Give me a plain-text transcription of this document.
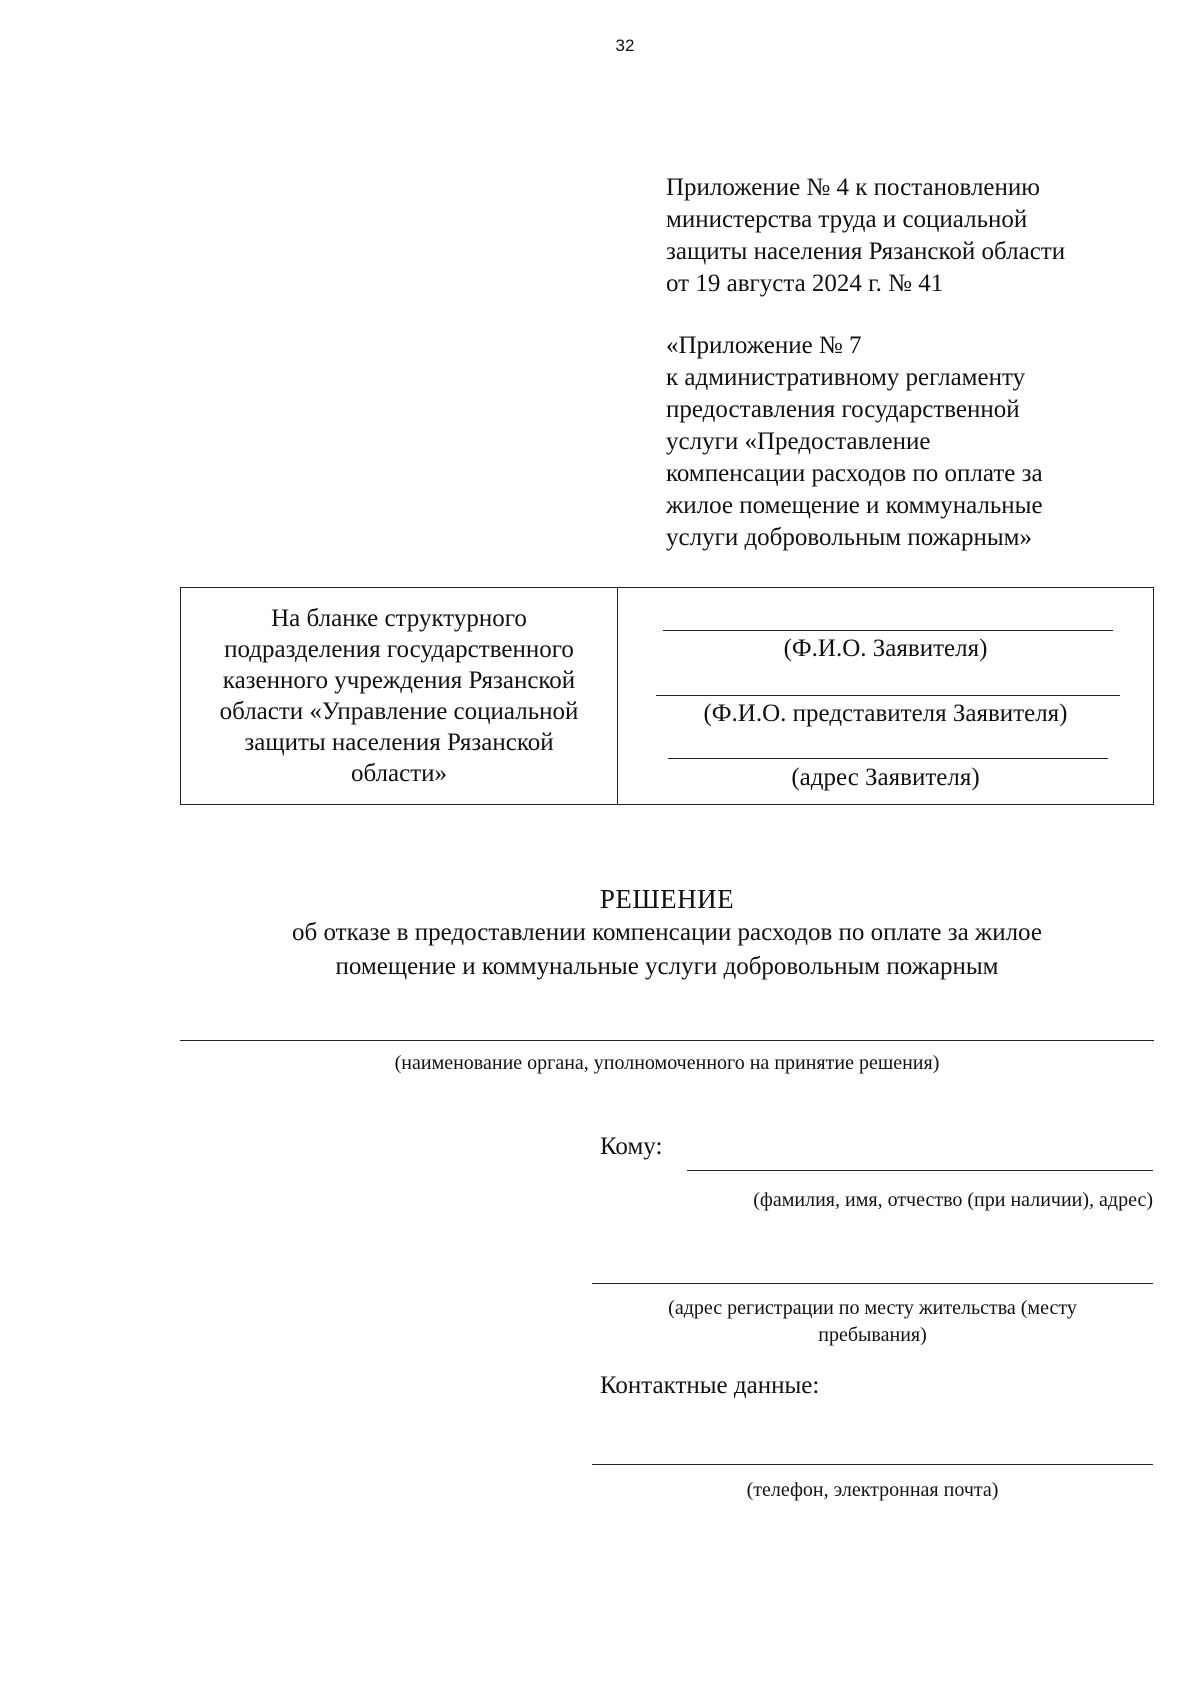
32

Приложение № 4 к постановлению
министерства труда и социальной
защиты населения Рязанской области
от 19 августа 2024 г. № 41

«Приложение № 7
к административному регламенту
предоставления государственной
услуги «Предоставление
компенсации расходов по оплате за
жилое помещение и коммунальные
услуги добровольным пожарным»

На бланке структурного
подразделения государственного
казенного учреждения Рязанской
области «Управление социальной
защиты населения Рязанской
области»
(Ф.И.О. Заявителя)
(Ф.И.О. представителя Заявителя)
(адрес Заявителя)
РЕШЕНИЕ
об отказе в предоставлении компенсации расходов по оплате за жилое
помещение и коммунальные услуги добровольным пожарным
(наименование органа, уполномоченного на принятие решения)
Кому:
(фамилия, имя, отчество (при наличии), адрес)
(адрес регистрации по месту жительства (месту
пребывания)
Контактные данные:
(телефон, электронная почта)
